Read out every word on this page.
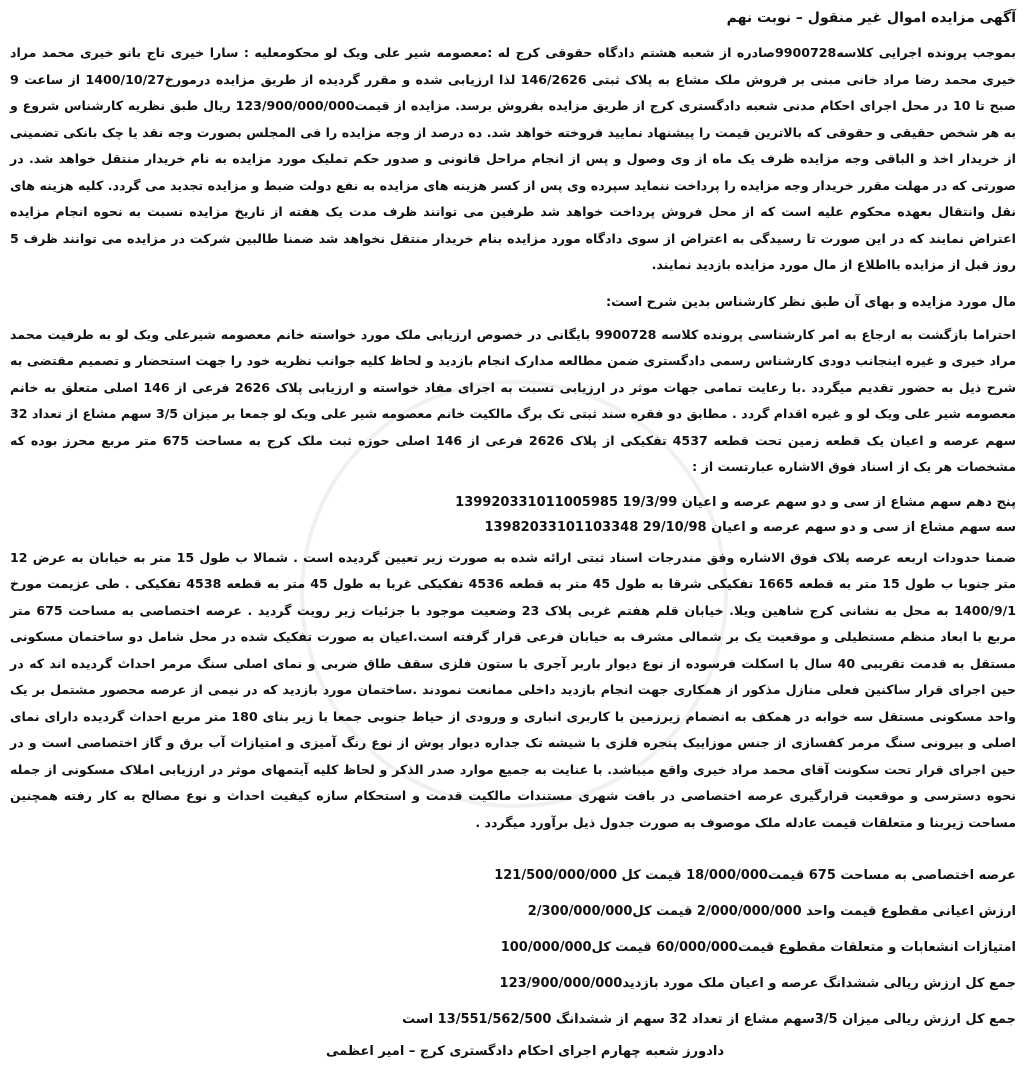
آگهی مزایده اموال غیر منقول – نوبت نهم

بموجب پرونده اجرایی کلاسه9900728صادره از شعبه هشتم دادگاه حقوقی کرج له :معصومه شیر علی ویک لو محکومعلیه : سارا خیری تاج بانو خیری محمد مراد خیری محمد رضا مراد خانی مبنی بر فروش ملک مشاع به پلاک ثبتی 146/2626 لذا ارزیابی شده و مقرر گردیده از طریق مزایده درمورخ1400/10/27 از ساعت 9 صبح تا 10 در محل اجرای احکام مدنی شعبه دادگستری کرج از طریق مزایده بفروش برسد. مزایده از قیمت123/900/000/000 ریال طبق نظریه کارشناس شروع و به هر شخص حقیقی و حقوقی که بالاترین قیمت را پیشنهاد نمایید فروخته خواهد شد. ده درصد از وجه مزایده را فی المجلس بصورت وجه نقد یا چک بانکی تضمینی از خریدار اخذ و الباقی وجه مزایده ظرف یک ماه از وی وصول و پس از انجام مراحل قانونی و صدور حکم تملیک مورد مزایده به نام خریدار منتقل خواهد شد. در صورتی که در مهلت مقرر خریدار وجه مزایده را پرداخت ننماید سپرده وی پس از کسر هزینه های مزایده به نفع دولت ضبط و مزایده تجدید می گردد. کلیه هزینه های نقل وانتقال بعهده محکوم علیه است که از محل فروش پرداخت خواهد شد طرفین می توانند ظرف مدت یک هفته از تاریخ مزایده نسبت به نحوه انجام مزایده اعتراض نمایند که در این صورت تا رسیدگی به اعتراض از سوی دادگاه مورد مزایده بنام خریدار منتقل نخواهد شد ضمنا طالبین شرکت در مزایده می توانند ظرف 5 روز قبل از مزایده بااطلاع از مال مورد مزایده بازدید نمایند.

مال مورد مزایده و بهای آن طبق نظر کارشناس بدین شرح است:

احتراما بازگشت به ارجاع به امر کارشناسی پرونده کلاسه 9900728 بایگانی در خصوص ارزیابی ملک مورد خواسته خانم معصومه شیرعلی ویک لو به طرفیت محمد مراد خیری و غیره اینجانب دودی کارشناس رسمی دادگستری ضمن مطالعه مدارک انجام بازدید و لحاظ کلیه جوانب نظریه خود را جهت استحضار و تصمیم مقتضی به شرح ذیل به حضور تقدیم میگردد .با رعایت تمامی جهات موثر در ارزیابی نسبت به اجرای مفاد خواسته و ارزیابی پلاک 2626 فرعی از 146 اصلی متعلق به خانم معصومه شیر علی ویک لو و غیره اقدام گردد . مطابق دو فقره سند ثبتی تک برگ مالکیت خانم معصومه شیر علی ویک لو جمعا بر میزان 3/5 سهم مشاع از تعداد 32 سهم عرصه و اعیان یک قطعه زمین تحت قطعه 4537 تفکیکی از پلاک 2626 فرعی از 146 اصلی حوزه ثبت ملک کرج به مساحت 675 متر مربع محرز بوده که مشخصات هر یک از اسناد فوق الاشاره عبارتست از :

پنج دهم سهم مشاع از سی و دو سهم عرصه و اعیان 19/3/99 139920331011005985
سه سهم مشاع از سی و دو سهم عرصه و اعیان 29/10/98 1398203310110334‪8‬

ضمنا حدودات اربعه عرصه پلاک فوق الاشاره وفق مندرجات اسناد ثبتی ارائه شده به صورت زیر تعیین گردیده است . شمالا ب طول 15 متر به خیابان به عرض 12 متر جنوبا ب طول 15 متر به قطعه 1665 تفکیکی شرقا به طول 45 متر به قطعه 4536 تفکیکی غربا به طول 45 متر به قطعه 4538 تفکیکی . طی عزیمت مورخ 1400/9/1 به محل به نشانی کرج شاهین ویلا. خیابان قلم هفتم غربی پلاک 23 وضعیت موجود با جزئیات زیر رویت گردید . عرصه اختصاصی به مساحت 675 متر مربع با ابعاد منظم مستطیلی و موقعیت یک بر شمالی مشرف به خیابان فرعی قرار گرفته است.اعیان به صورت تفکیک شده در محل شامل دو ساختمان مسکونی مستقل به قدمت تقریبی 40 سال با اسکلت فرسوده از نوع دیوار باربر آجری با ستون فلزی سقف طاق ضربی و نمای اصلی سنگ مرمر احداث گردیده اند که در حین اجرای قرار ساکنین فعلی منازل مذکور از همکاری جهت انجام بازدید داخلی ممانعت نمودند .ساختمان مورد بازدید که در نیمی از عرصه محصور مشتمل بر یک واحد مسکونی مستقل سه خوابه در همکف به انضمام زیرزمین با کاربری انباری و ورودی از حیاط جنوبی جمعا با زیر بنای 180 متر مربع احداث گردیده دارای نمای اصلی و بیرونی سنگ مرمر کفسازی از جنس موزاییک پنجره فلزی با شیشه تک جداره دیوار پوش از نوع رنگ آمیزی و امتیازات آب برق و گاز اختصاصی است و در حین اجرای قرار تحت سکونت آقای محمد مراد خیری واقع میباشد. با عنایت به جمیع موارد صدر الذکر و لحاظ کلیه آیتمهای موثر در ارزیابی املاک مسکونی از جمله نحوه دسترسی و موقعیت قرارگیری عرصه اختصاصی در بافت شهری مستندات مالکیت قدمت و استحکام سازه کیفیت احداث و نوع مصالح به کار رفته همچنین مساحت زیربنا و متعلقات قیمت عادله ملک موصوف به صورت جدول ذیل برآورد میگردد .

عرصه اختصاصی به مساحت 675 قیمت18/000/000 قیمت کل 121/500/000/000
ارزش اعیانی مقطوع قیمت واحد 2/000/000/000 قیمت کل2/300/000/000
امتیازات انشعابات و متعلقات مقطوع قیمت60/000/000 قیمت کل100/000/000
جمع کل ارزش ریالی ششدانگ عرصه و اعیان ملک مورد بازدید123/900/000/000
جمع کل ارزش ریالی میزان 3/5سهم مشاع از تعداد 32 سهم از ششدانگ 13/551/562/500 است
دادورز شعبه چهارم اجرای احکام دادگستری کرج – امیر اعظمی
